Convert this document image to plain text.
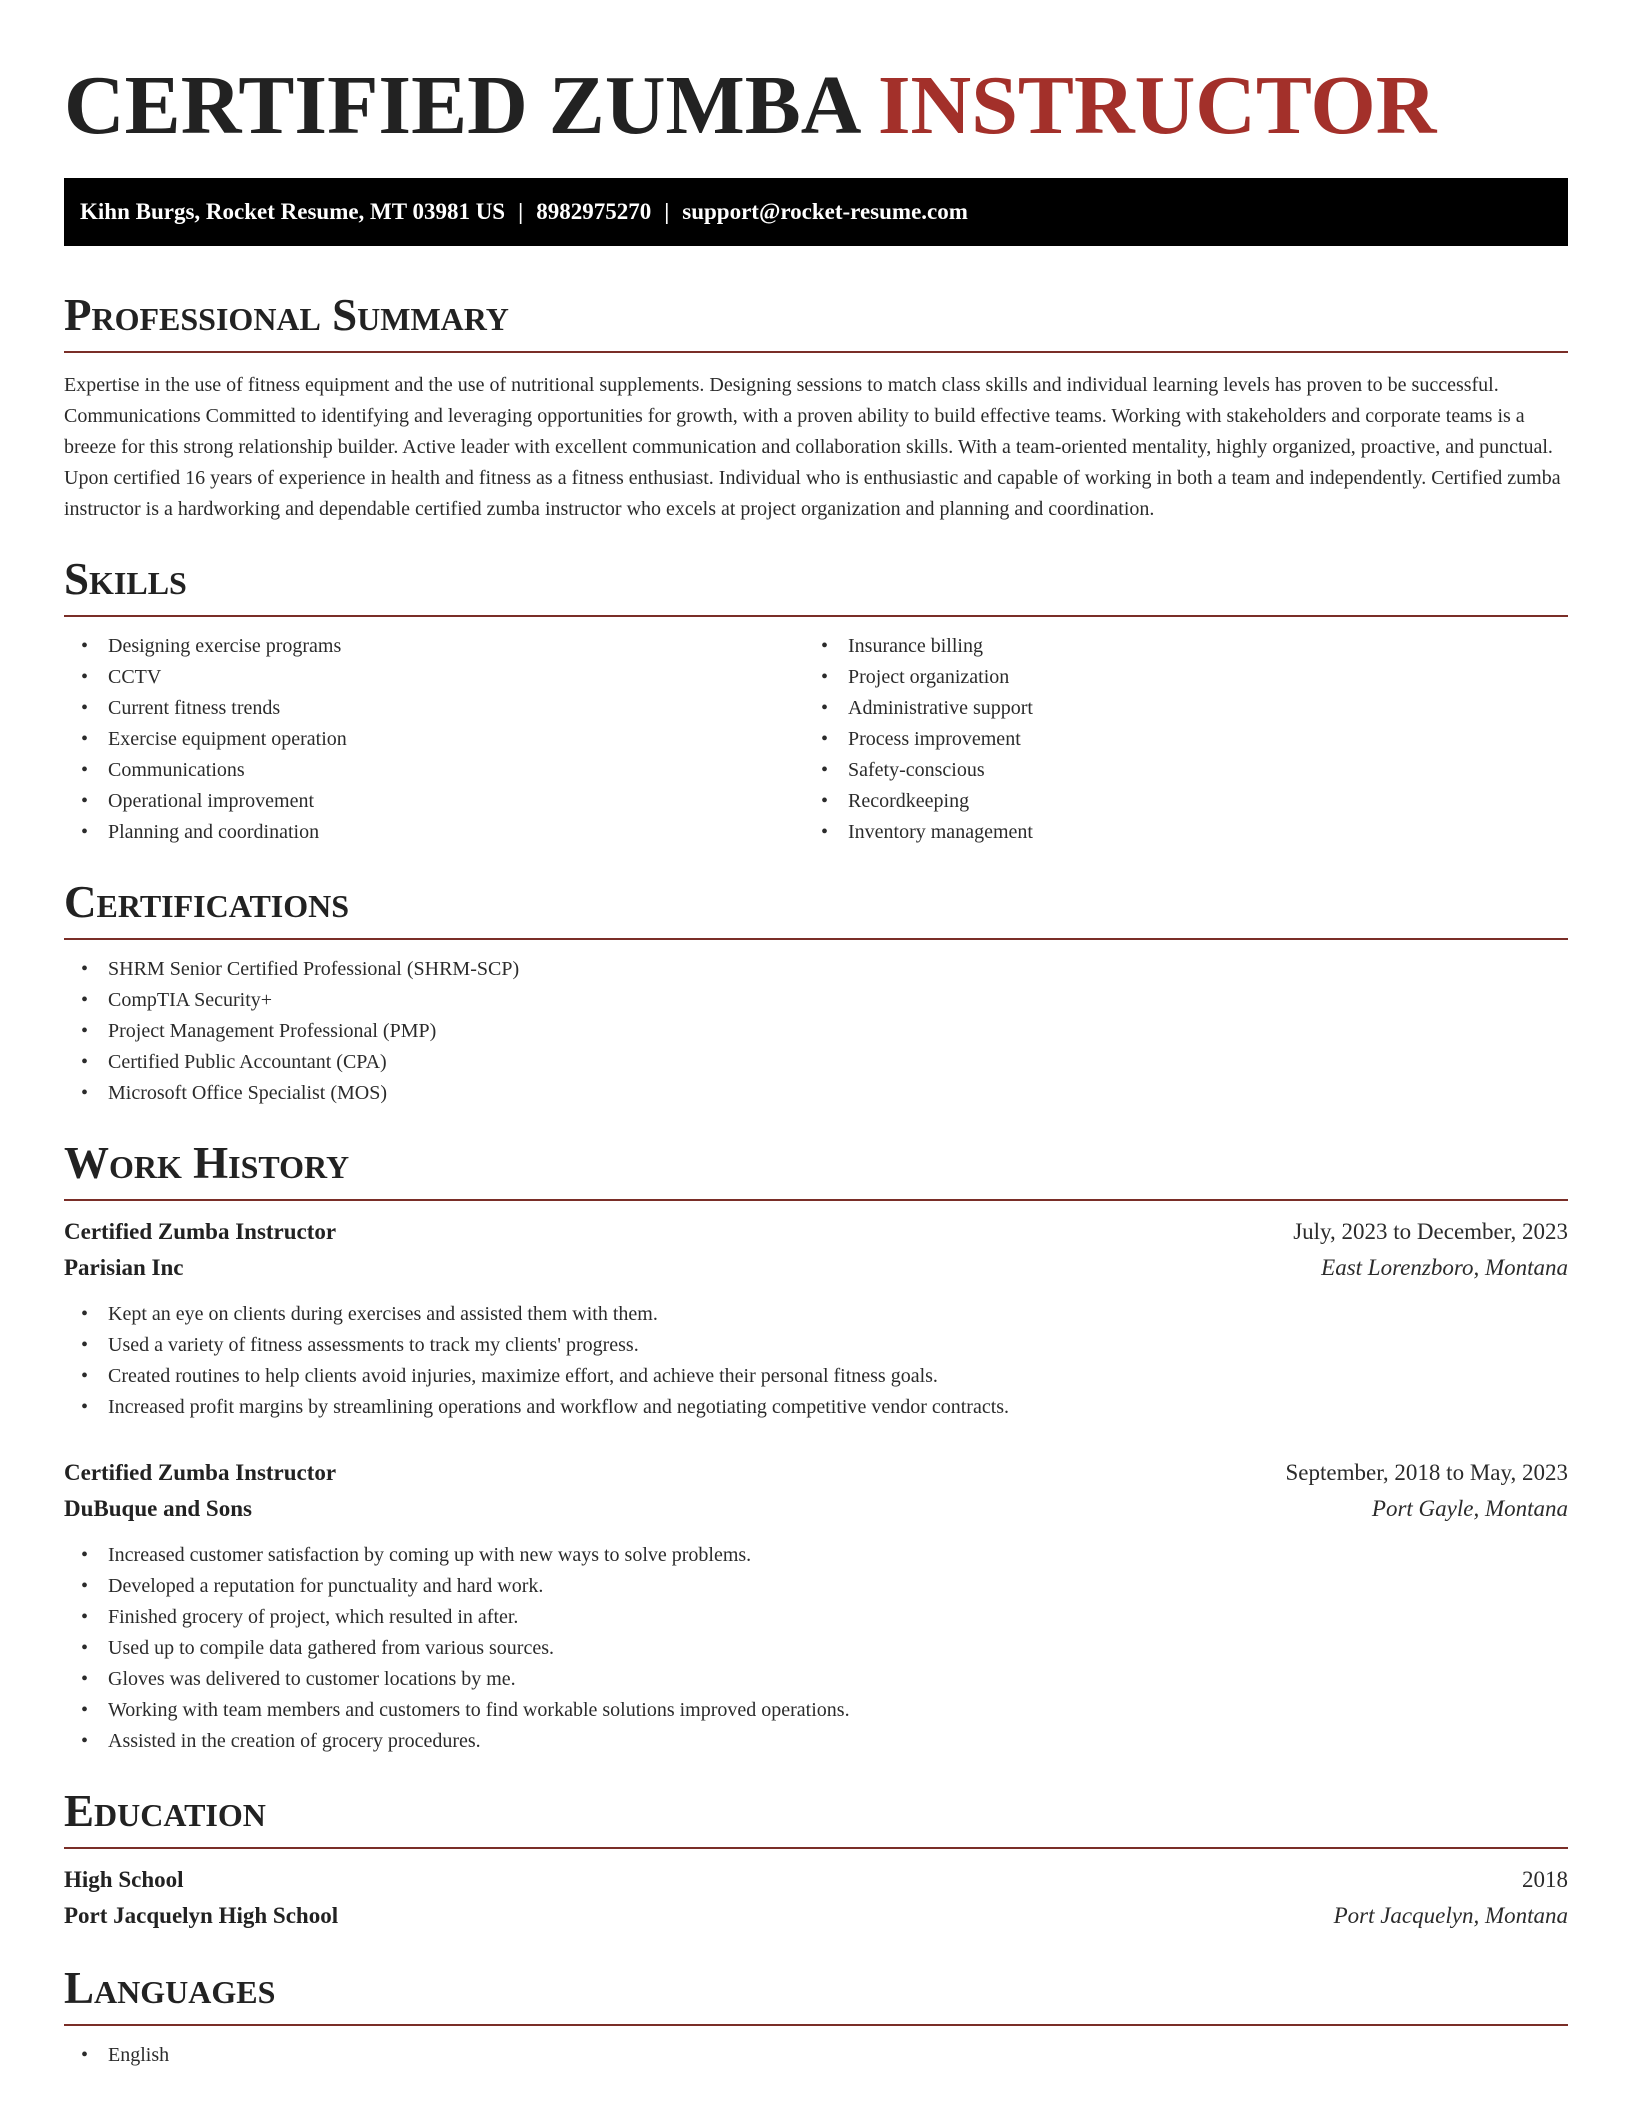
CERTIFIED ZUMBA INSTRUCTOR
Kihn Burgs, Rocket Resume, MT 03981 US | 8982975270 | support@rocket-resume.com
Professional Summary

Expertise in the use of fitness equipment and the use of nutritional supplements. Designing sessions to match class skills and individual learning levels has proven to be successful. Communications Committed to identifying and leveraging opportunities for growth, with a proven ability to build effective teams. Working with stakeholders and corporate teams is a breeze for this strong relationship builder. Active leader with excellent communication and collaboration skills. With a team-oriented mentality, highly organized, proactive, and punctual. Upon certified 16 years of experience in health and fitness as a fitness enthusiast. Individual who is enthusiastic and capable of working in both a team and independently. Certified zumba instructor is a hardworking and dependable certified zumba instructor who excels at project organization and planning and coordination.

Skills
• Designing exercise programs
• CCTV
• Current fitness trends
• Exercise equipment operation
• Communications
• Operational improvement
• Planning and coordination
• Insurance billing
• Project organization
• Administrative support
• Process improvement
• Safety-conscious
• Recordkeeping
• Inventory management
Certifications
• SHRM Senior Certified Professional (SHRM-SCP)
• CompTIA Security+
• Project Management Professional (PMP)
• Certified Public Accountant (CPA)
• Microsoft Office Specialist (MOS)
Work History
Certified Zumba Instructor	July, 2023 to December, 2023
Parisian Inc	East Lorenzboro, Montana
• Kept an eye on clients during exercises and assisted them with them.
• Used a variety of fitness assessments to track my clients' progress.
• Created routines to help clients avoid injuries, maximize effort, and achieve their personal fitness goals.
• Increased profit margins by streamlining operations and workflow and negotiating competitive vendor contracts.
Certified Zumba Instructor	September, 2018 to May, 2023
DuBuque and Sons	Port Gayle, Montana
• Increased customer satisfaction by coming up with new ways to solve problems.
• Developed a reputation for punctuality and hard work.
• Finished grocery of project, which resulted in after.
• Used up to compile data gathered from various sources.
• Gloves was delivered to customer locations by me.
• Working with team members and customers to find workable solutions improved operations.
• Assisted in the creation of grocery procedures.
Education
High School	2018
Port Jacquelyn High School	Port Jacquelyn, Montana
Languages
• English
